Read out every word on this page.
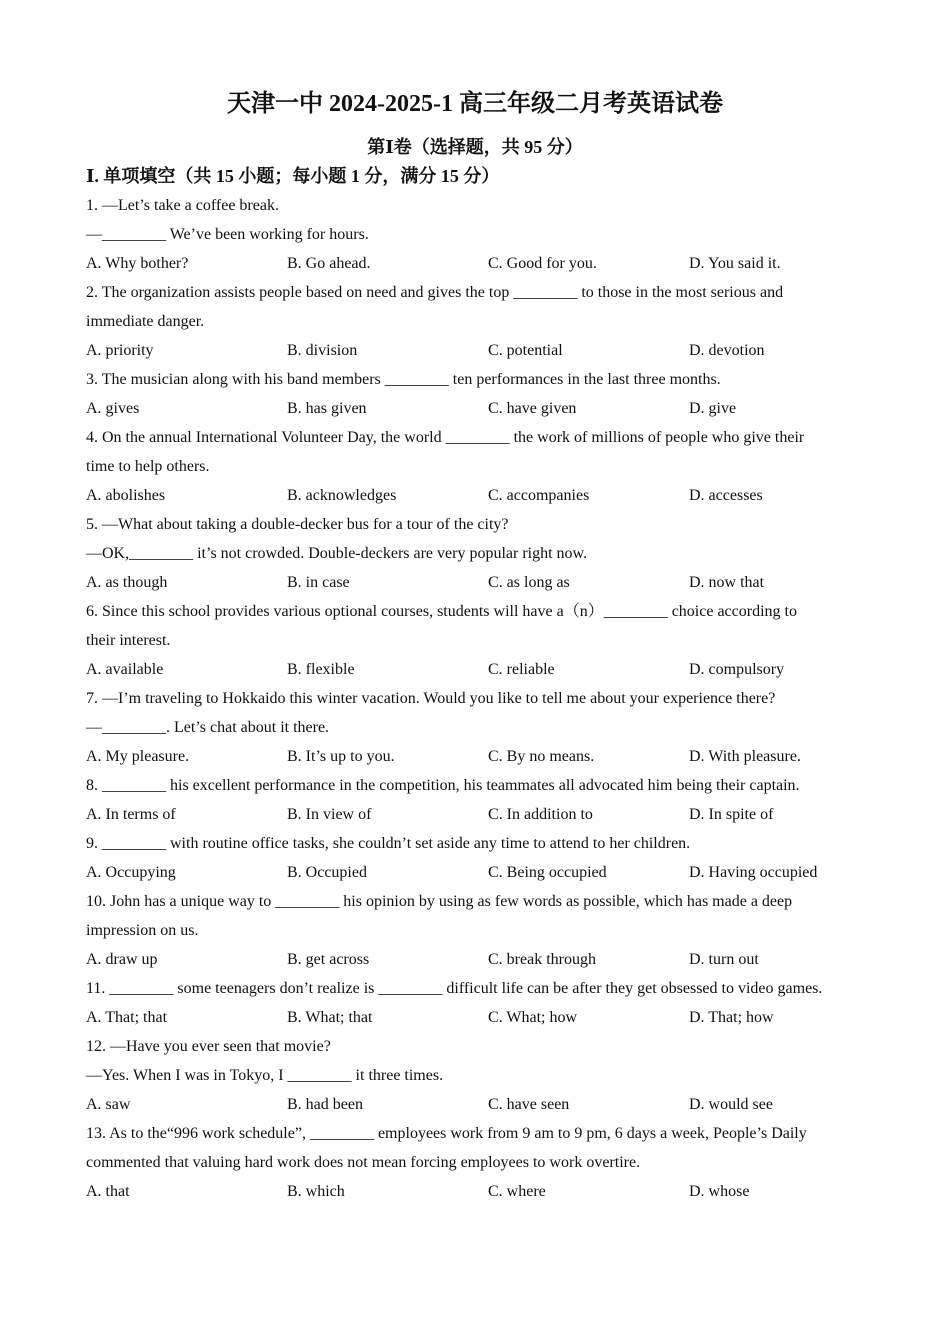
天津一中 2024-2025-1 高三年级二月考英语试卷
第Ⅰ卷（选择题，共 95 分）
Ⅰ. 单项填空（共 15 小题；每小题 1 分，满分 15 分）
1. —Let’s take a coffee break.
—________ We’ve been working for hours.
A. Why bother?	B. Go ahead.	C. Good for you.	D. You said it.
2. The organization assists people based on need and gives the top ________ to those in the most serious and
immediate danger.
A. priority	B. division	C. potential	D. devotion
3. The musician along with his band members ________ ten performances in the last three months.
A. gives	B. has given	C. have given	D. give
4. On the annual International Volunteer Day, the world ________ the work of millions of people who give their
time to help others.
A. abolishes	B. acknowledges	C. accompanies	D. accesses
5. —What about taking a double-decker bus for a tour of the city?
—OK,________ it’s not crowded. Double-deckers are very popular right now.
A. as though	B. in case	C. as long as	D. now that
6. Since this school provides various optional courses, students will have a（n）________ choice according to
their interest.
A. available	B. flexible	C. reliable	D. compulsory
7. —I’m traveling to Hokkaido this winter vacation. Would you like to tell me about your experience there?
—________. Let’s chat about it there.
A. My pleasure.	B. It’s up to you.	C. By no means.	D. With pleasure.
8. ________ his excellent performance in the competition, his teammates all advocated him being their captain.
A. In terms of	B. In view of	C. In addition to	D. In spite of
9. ________ with routine office tasks, she couldn’t set aside any time to attend to her children.
A. Occupying	B. Occupied	C. Being occupied	D. Having occupied
10. John has a unique way to ________ his opinion by using as few words as possible, which has made a deep
impression on us.
A. draw up	B. get across	C. break through	D. turn out
11. ________ some teenagers don’t realize is ________ difficult life can be after they get obsessed to video games.
A. That; that	B. What; that	C. What; how	D. That; how
12. —Have you ever seen that movie?
—Yes. When I was in Tokyo, I ________ it three times.
A. saw	B. had been	C. have seen	D. would see
13. As to the“996 work schedule”, ________ employees work from 9 am to 9 pm, 6 days a week, People’s Daily
commented that valuing hard work does not mean forcing employees to work overtire.
A. that	B. which	C. where	D. whose
